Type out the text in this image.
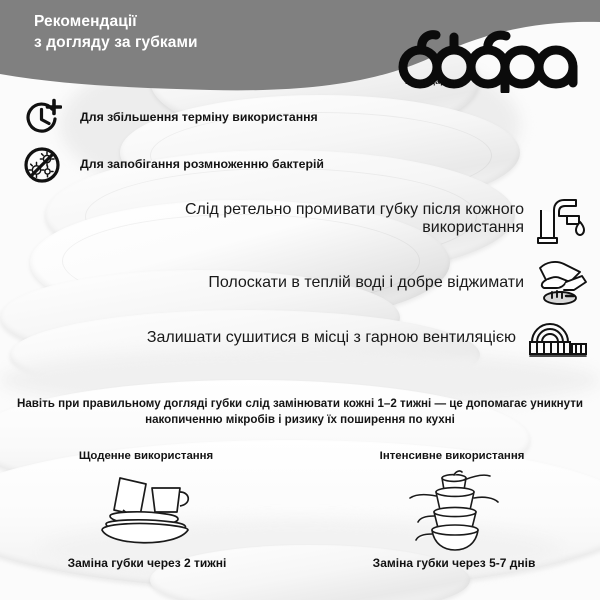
Рекомендації
з догляду за губками
господарочка
Для збільшення терміну використання
Для запобігання розмноженню бактерій
Слід ретельно промивати губку після кожного використання
Полоскати в теплій воді і добре віджимати
Залишати сушитися в місці з гарною вентиляцією
Навіть при правильному догляді губки слід замінювати кожні 1–2 тижні — це допомагає уникнути накопиченню мікробів і ризику їх поширення по кухні
Щоденне використання
Заміна губки через 2 тижні
Інтенсивне використання
Заміна губки через 5-7 днів
